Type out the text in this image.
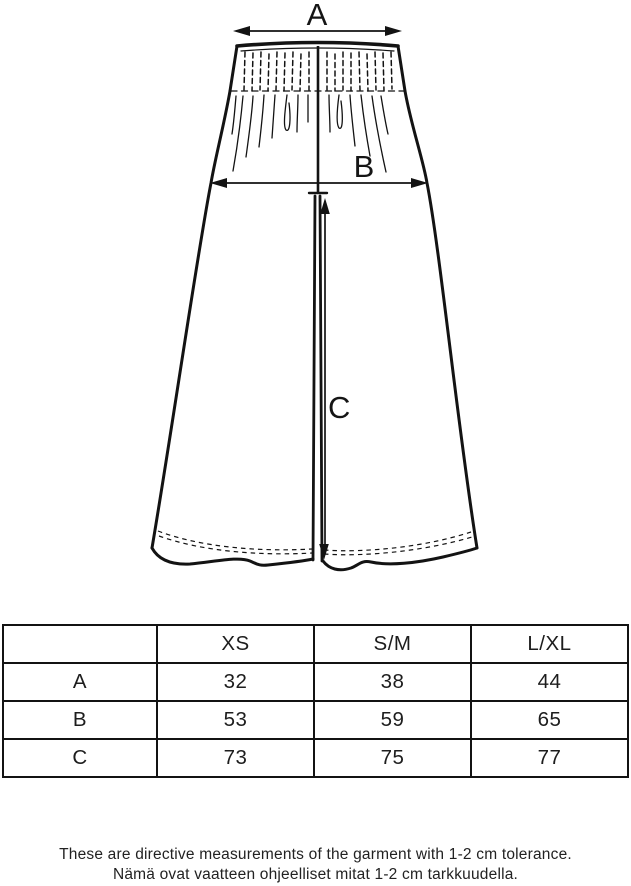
A
B
C
	XS	S/M	L/XL
A	32	38	44
B	53	59	65
C	73	75	77
These are directive measurements of the garment with 1-2 cm tolerance.
Nämä ovat vaatteen ohjeelliset mitat 1-2 cm tarkkuudella.
